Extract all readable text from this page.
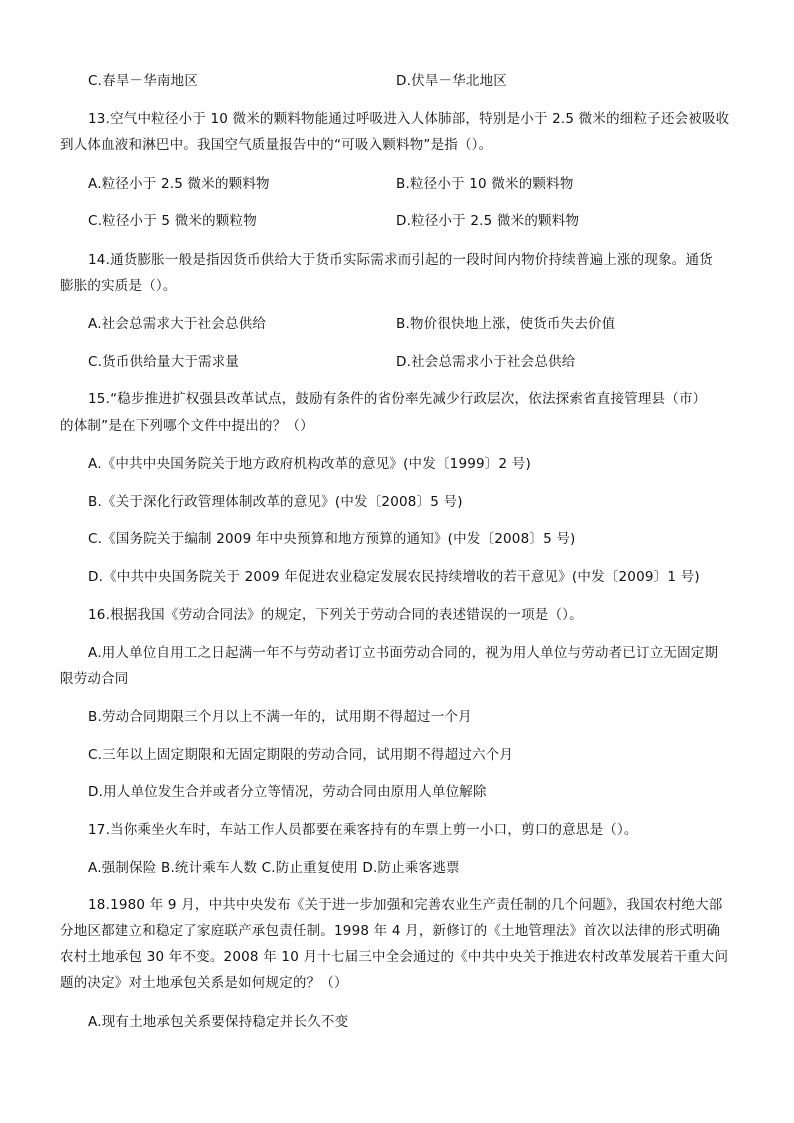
C.春旱－华南地区	D.伏旱－华北地区
13.空气中粒径小于 10 微米的颗料物能通过呼吸进入人体肺部，特别是小于 2.5 微米的细粒子还会被吸收
到人体血液和淋巴中。我国空气质量报告中的“可吸入颗料物”是指（）。
A.粒径小于 2.5 微米的颗料物	B.粒径小于 10 微米的颗料物
C.粒径小于 5 微米的颗粒物	D.粒径小于 2.5 微米的颗料物
14.通货膨胀一般是指因货币供给大于货币实际需求而引起的一段时间内物价持续普遍上涨的现象。通货
膨胀的实质是（）。
A.社会总需求大于社会总供给	B.物价很快地上涨，使货币失去价值
C.货币供给量大于需求量	D.社会总需求小于社会总供给
15.“稳步推进扩权强县改革试点，鼓励有条件的省份率先减少行政层次，依法探索省直接管理县（市）
的体制”是在下列哪个文件中提出的？（）
A.《中共中央国务院关于地方政府机构改革的意见》(中发〔1999〕2 号)
B.《关于深化行政管理体制改革的意见》(中发〔2008〕5 号)
C.《国务院关于编制 2009 年中央预算和地方预算的通知》(中发〔2008〕5 号)
D.《中共中央国务院关于 2009 年促进农业稳定发展农民持续增收的若干意见》(中发〔2009〕1 号)
16.根据我国《劳动合同法》的规定，下列关于劳动合同的表述错误的一项是（）。
A.用人单位自用工之日起满一年不与劳动者订立书面劳动合同的，视为用人单位与劳动者已订立无固定期
限劳动合同
B.劳动合同期限三个月以上不满一年的，试用期不得超过一个月
C.三年以上固定期限和无固定期限的劳动合同，试用期不得超过六个月
D.用人单位发生合并或者分立等情况，劳动合同由原用人单位解除
17.当你乘坐火车时，车站工作人员都要在乘客持有的车票上剪一小口，剪口的意思是（）。
A.强制保险 B.统计乘车人数 C.防止重复使用 D.防止乘客逃票
18.1980 年 9 月，中共中央发布《关于进一步加强和完善农业生产责任制的几个问题》，我国农村绝大部
分地区都建立和稳定了家庭联产承包责任制。1998 年 4 月，新修订的《土地管理法》首次以法律的形式明确
农村土地承包 30 年不变。2008 年 10 月十七届三中全会通过的《中共中央关于推进农村改革发展若干重大问
题的决定》对土地承包关系是如何规定的？（）
A.现有土地承包关系要保持稳定并长久不变
